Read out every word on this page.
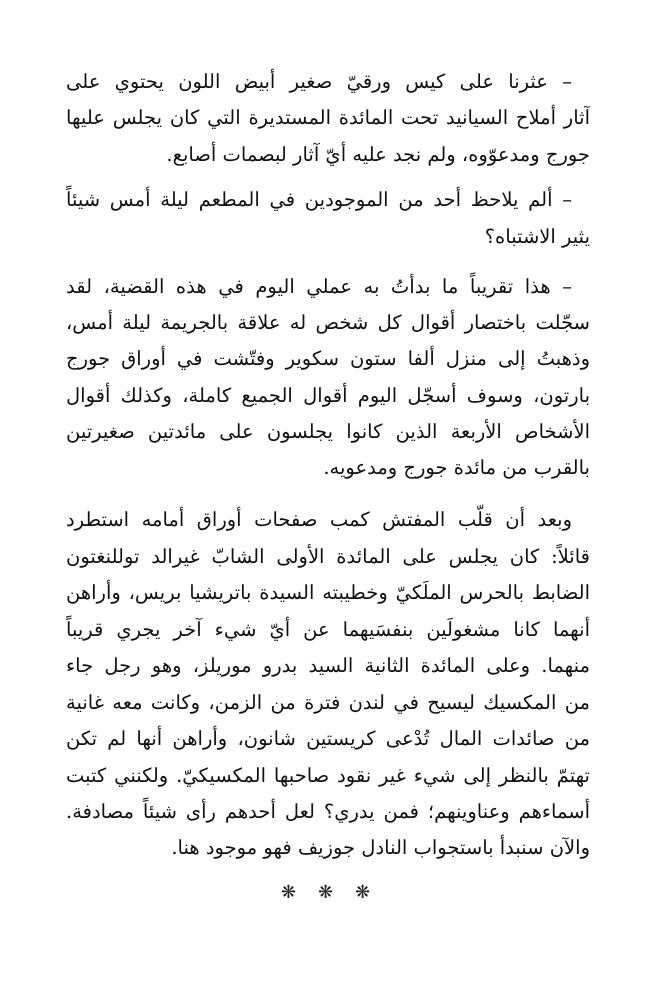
– عثرنا على كيس ورقيّ صغير أبيض اللون يحتوي على
آثار أملاح السيانيد تحت المائدة المستديرة التي كان يجلس عليها
جورج ومدعوّوه، ولم نجد عليه أيّ آثار لبصمات أصابع.
– ألم يلاحظ أحد من الموجودين في المطعم ليلة أمس شيئاً
يثير الاشتباه؟
– هذا تقريباً ما بدأتُ به عملي اليوم في هذه القضية، لقد
سجّلت باختصار أقوال كل شخص له علاقة بالجريمة ليلة أمس،
وذهبتُ إلى منزل ألفا ستون سكوير وفتّشت في أوراق جورج
بارتون، وسوف أسجّل اليوم أقوال الجميع كاملة، وكذلك أقوال
الأشخاص الأربعة الذين كانوا يجلسون على مائدتين صغيرتين
بالقرب من مائدة جورج ومدعويه.
وبعد أن قلّب المفتش كمب صفحات أوراق أمامه استطرد
قائلاً: كان يجلس على المائدة الأولى الشابّ غيرالد توللنغتون
الضابط بالحرس الملَكيّ وخطيبته السيدة باتريشيا بريس، وأراهن
أنهما كانا مشغولَين بنفسَيهما عن أيّ شيء آخر يجري قريباً
منهما. وعلى المائدة الثانية السيد بدرو موريلز، وهو رجل جاء
من المكسيك ليسيح في لندن فترة من الزمن، وكانت معه غانية
من صائدات المال تُدْعى كريستين شانون، وأراهن أنها لم تكن
تهتمّ بالنظر إلى شيء غير نقود صاحبها المكسيكيّ. ولكنني كتبت
أسماءهم وعناوينهم؛ فمن يدري؟ لعل أحدهم رأى شيئاً مصادفة.
والآن سنبدأ باستجواب النادل جوزيف فهو موجود هنا.
❋
❋
❋
